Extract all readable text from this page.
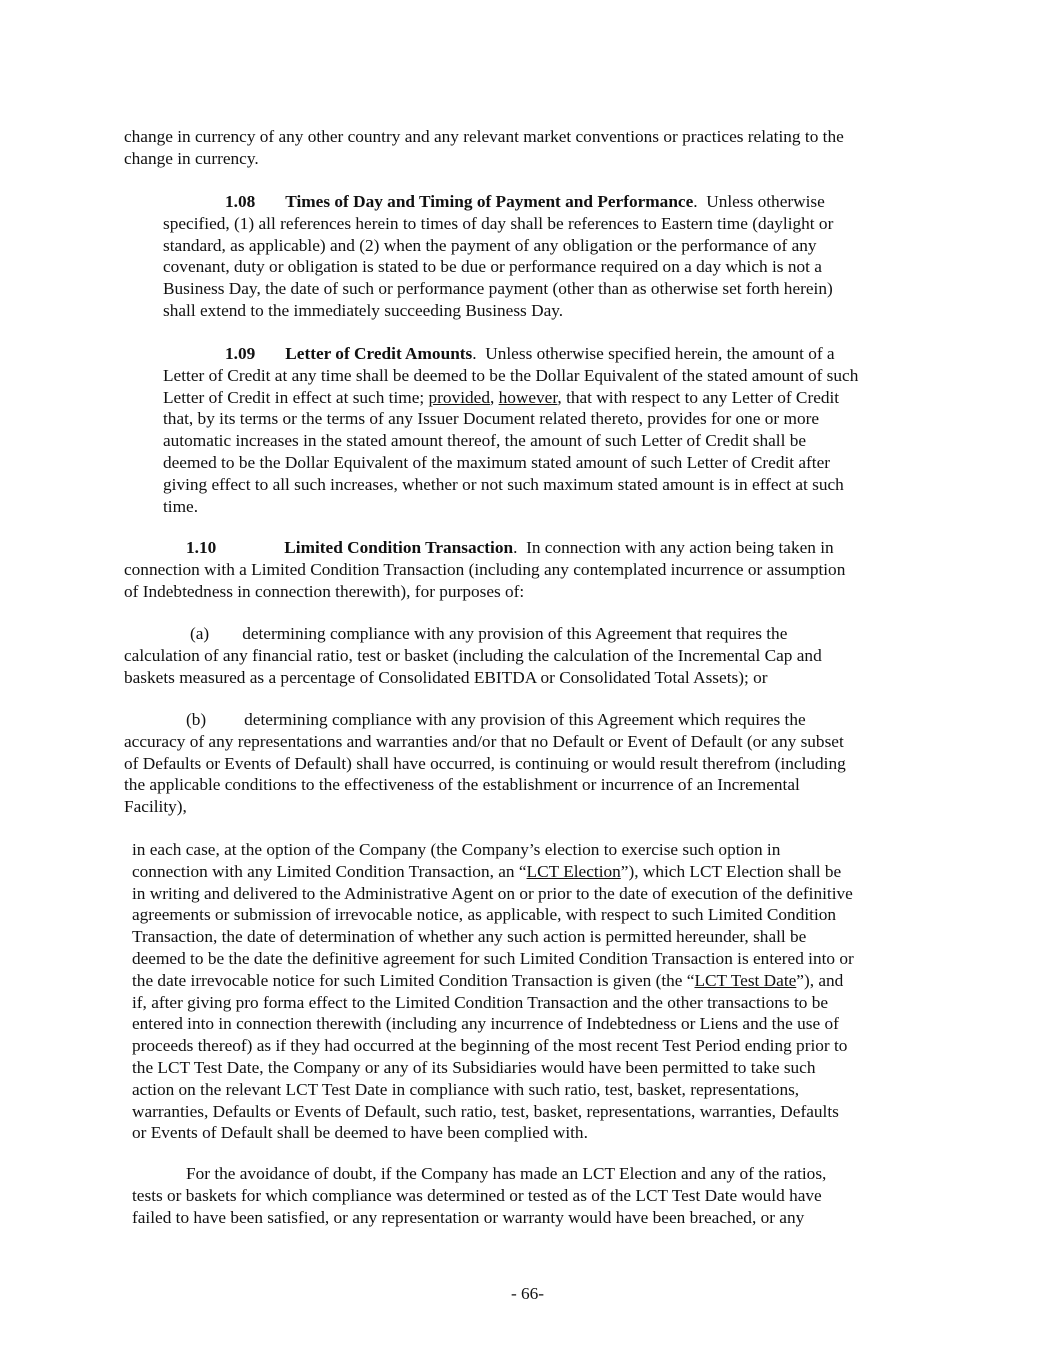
change in currency of any other country and any relevant market conventions or practices relating to the
change in currency.
1.08 Times of Day and Timing of Payment and Performance.  Unless otherwise
specified, (1) all references herein to times of day shall be references to Eastern time (daylight or
standard, as applicable) and (2) when the payment of any obligation or the performance of any
covenant, duty or obligation is stated to be due or performance required on a day which is not a
Business Day, the date of such or performance payment (other than as otherwise set forth herein)
shall extend to the immediately succeeding Business Day.
1.09 Letter of Credit Amounts.  Unless otherwise specified herein, the amount of a
Letter of Credit at any time shall be deemed to be the Dollar Equivalent of the stated amount of such
Letter of Credit in effect at such time; provided, however, that with respect to any Letter of Credit
that, by its terms or the terms of any Issuer Document related thereto, provides for one or more
automatic increases in the stated amount thereof, the amount of such Letter of Credit shall be
deemed to be the Dollar Equivalent of the maximum stated amount of such Letter of Credit after
giving effect to all such increases, whether or not such maximum stated amount is in effect at such
time.
1.10	Limited Condition Transaction.  In connection with any action being taken in
connection with a Limited Condition Transaction (including any contemplated incurrence or assumption
of Indebtedness in connection therewith), for purposes of:
(a) determining compliance with any provision of this Agreement that requires the
calculation of any financial ratio, test or basket (including the calculation of the Incremental Cap and
baskets measured as a percentage of Consolidated EBITDA or Consolidated Total Assets); or
(b) determining compliance with any provision of this Agreement which requires the
accuracy of any representations and warranties and/or that no Default or Event of Default (or any subset
of Defaults or Events of Default) shall have occurred, is continuing or would result therefrom (including
the applicable conditions to the effectiveness of the establishment or incurrence of an Incremental
Facility),
in each case, at the option of the Company (the Company’s election to exercise such option in
connection with any Limited Condition Transaction, an “LCT Election”), which LCT Election shall be
in writing and delivered to the Administrative Agent on or prior to the date of execution of the definitive
agreements or submission of irrevocable notice, as applicable, with respect to such Limited Condition
Transaction, the date of determination of whether any such action is permitted hereunder, shall be
deemed to be the date the definitive agreement for such Limited Condition Transaction is entered into or
the date irrevocable notice for such Limited Condition Transaction is given (the “LCT Test Date”), and
if, after giving pro forma effect to the Limited Condition Transaction and the other transactions to be
entered into in connection therewith (including any incurrence of Indebtedness or Liens and the use of
proceeds thereof) as if they had occurred at the beginning of the most recent Test Period ending prior to
the LCT Test Date, the Company or any of its Subsidiaries would have been permitted to take such
action on the relevant LCT Test Date in compliance with such ratio, test, basket, representations,
warranties, Defaults or Events of Default, such ratio, test, basket, representations, warranties, Defaults
or Events of Default shall be deemed to have been complied with.
For the avoidance of doubt, if the Company has made an LCT Election and any of the ratios,
tests or baskets for which compliance was determined or tested as of the LCT Test Date would have
failed to have been satisfied, or any representation or warranty would have been breached, or any
- 66-
